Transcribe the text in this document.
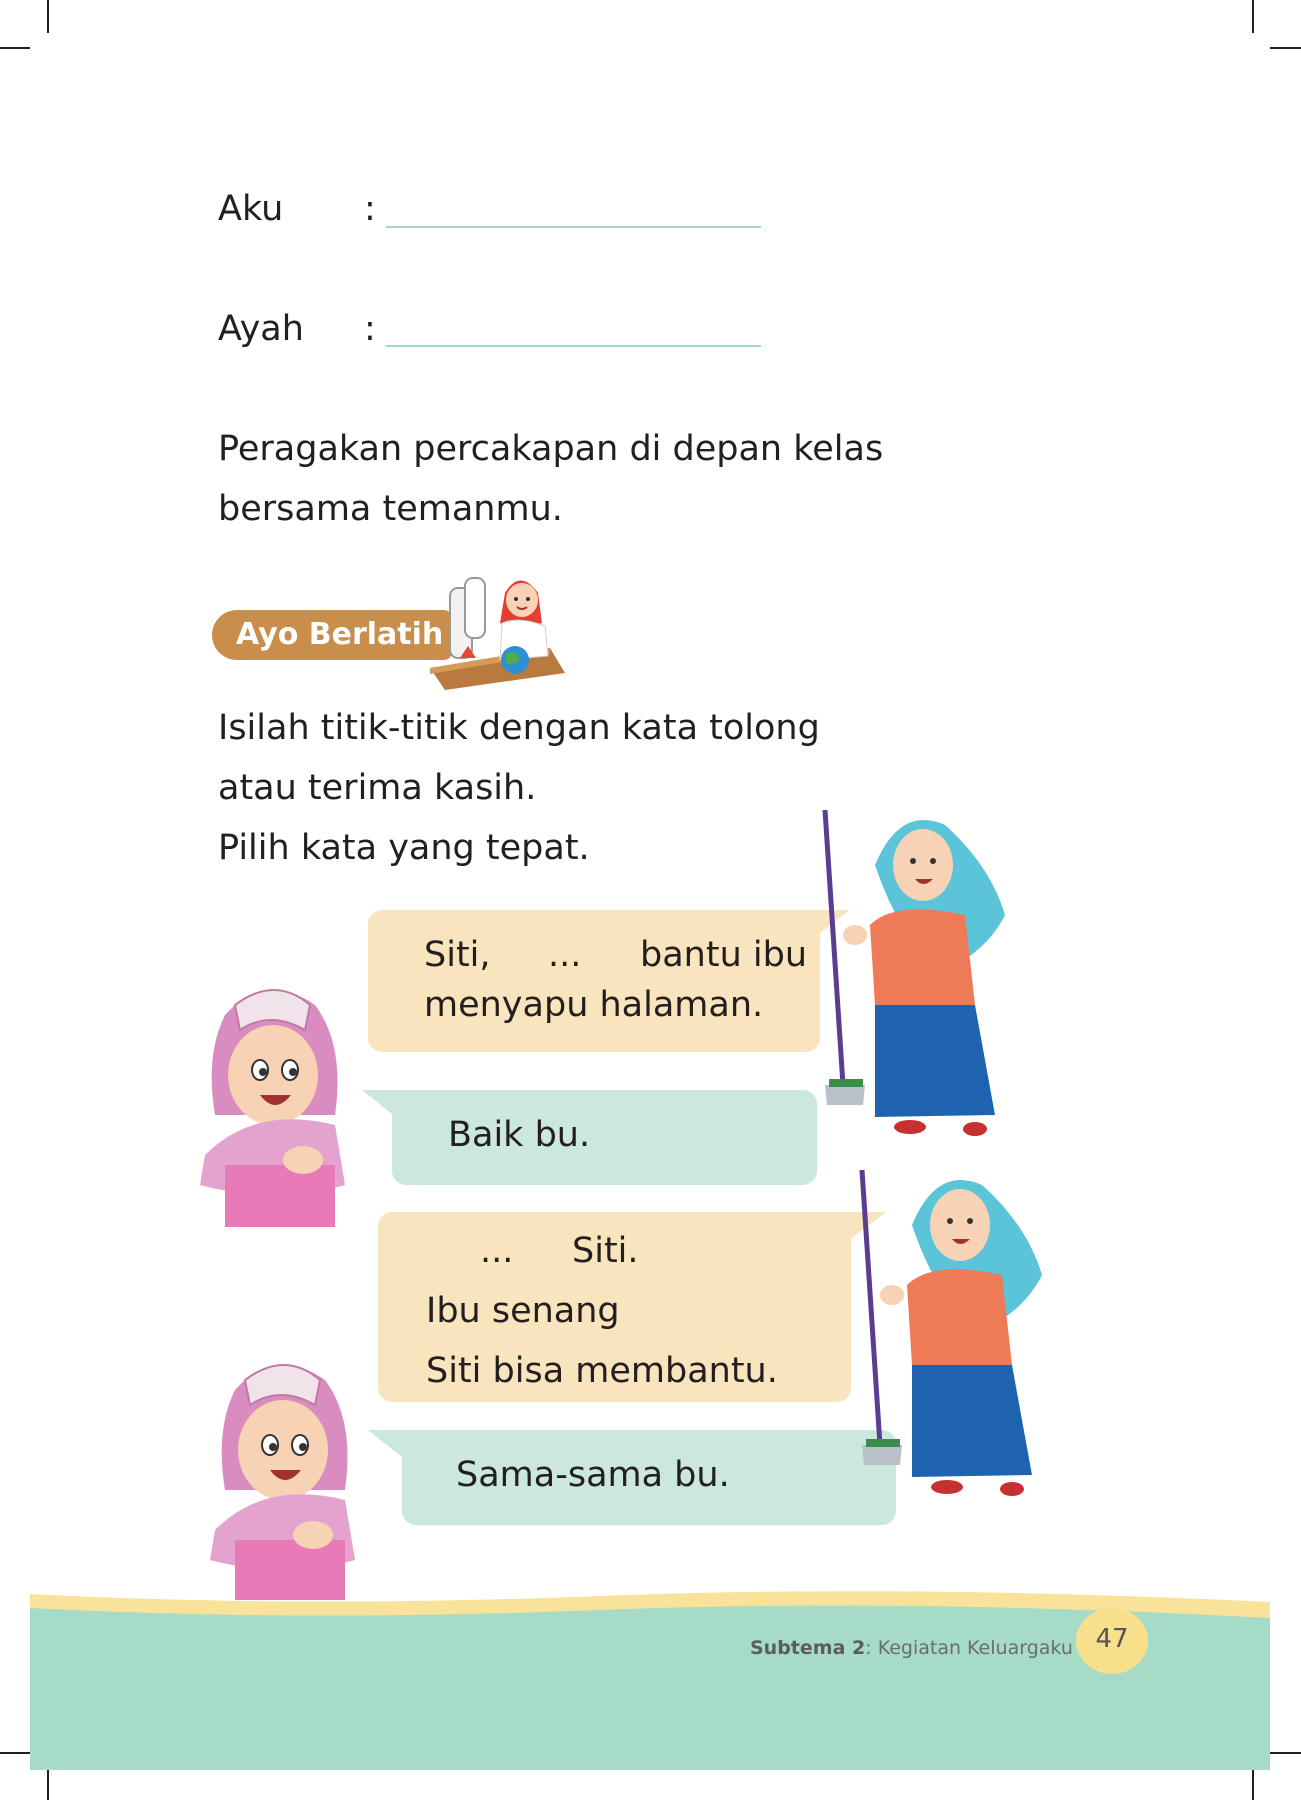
Aku :
Ayah :
Peragakan percakapan di depan kelas
bersama temanmu.
Ayo Berlatih
Isilah titik-titik dengan kata tolong
atau terima kasih.
Pilih kata yang tepat.
Siti, ... bantu ibu
menyapu halaman.
Baik bu.
... Siti.
Ibu senang
Siti bisa membantu.
Sama-sama bu.
Subtema 2: Kegiatan Keluargaku 47
